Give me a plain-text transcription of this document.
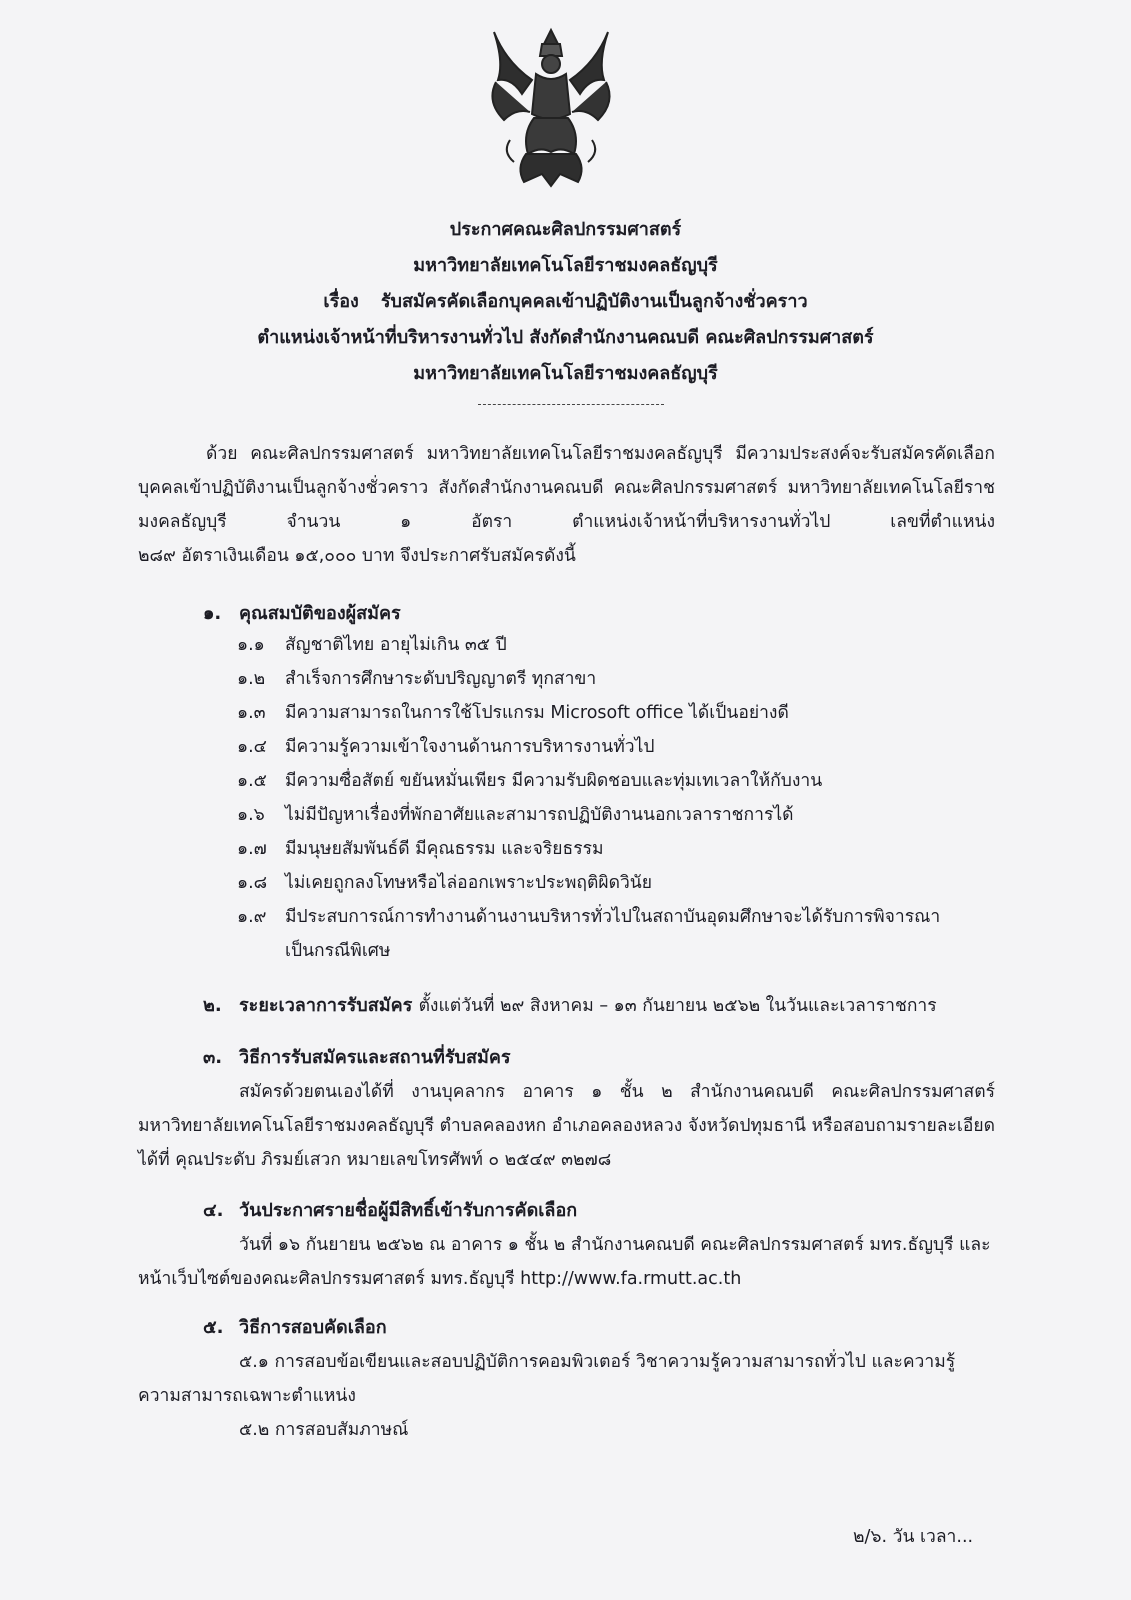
ประกาศคณะศิลปกรรมศาสตร์
มหาวิทยาลัยเทคโนโลยีราชมงคลธัญบุรี
เรื่อง รับสมัครคัดเลือกบุคคลเข้าปฏิบัติงานเป็นลูกจ้างชั่วคราว
ตำแหน่งเจ้าหน้าที่บริหารงานทั่วไป สังกัดสำนักงานคณบดี คณะศิลปกรรมศาสตร์
มหาวิทยาลัยเทคโนโลยีราชมงคลธัญบุรี
ด้วย คณะศิลปกรรมศาสตร์ มหาวิทยาลัยเทคโนโลยีราชมงคลธัญบุรี มีความประสงค์จะรับสมัครคัดเลือกบุคคลเข้าปฏิบัติงานเป็นลูกจ้างชั่วคราว สังกัดสำนักงานคณบดี คณะศิลปกรรมศาสตร์ มหาวิทยาลัยเทคโนโลยีราชมงคลธัญบุรี จำนวน ๑ อัตรา ตำแหน่งเจ้าหน้าที่บริหารงานทั่วไป เลขที่ตำแหน่ง ๒๘๙ อัตราเงินเดือน ๑๕,๐๐๐ บาท จึงประกาศรับสมัครดังนี้
๑. คุณสมบัติของผู้สมัคร
๑.๑ สัญชาติไทย อายุไม่เกิน ๓๕ ปี
๑.๒ สำเร็จการศึกษาระดับปริญญาตรี ทุกสาขา
๑.๓ มีความสามารถในการใช้โปรแกรม Microsoft office ได้เป็นอย่างดี
๑.๔ มีความรู้ความเข้าใจงานด้านการบริหารงานทั่วไป
๑.๕ มีความซื่อสัตย์ ขยันหมั่นเพียร มีความรับผิดชอบและทุ่มเทเวลาให้กับงาน
๑.๖ ไม่มีปัญหาเรื่องที่พักอาศัยและสามารถปฏิบัติงานนอกเวลาราชการได้
๑.๗ มีมนุษยสัมพันธ์ดี มีคุณธรรม และจริยธรรม
๑.๘ ไม่เคยถูกลงโทษหรือไล่ออกเพราะประพฤติผิดวินัย
๑.๙ มีประสบการณ์การทำงานด้านงานบริหารทั่วไปในสถาบันอุดมศึกษาจะได้รับการพิจารณา
เป็นกรณีพิเศษ
๒. ระยะเวลาการรับสมัคร ตั้งแต่วันที่ ๒๙ สิงหาคม – ๑๓ กันยายน ๒๕๖๒ ในวันและเวลาราชการ
๓. วิธีการรับสมัครและสถานที่รับสมัคร
สมัครด้วยตนเองได้ที่ งานบุคลากร อาคาร ๑ ชั้น ๒ สำนักงานคณบดี คณะศิลปกรรมศาสตร์ มหาวิทยาลัยเทคโนโลยีราชมงคลธัญบุรี ตำบลคลองหก อำเภอคลองหลวง จังหวัดปทุมธานี หรือสอบถามรายละเอียดได้ที่ คุณประดับ ภิรมย์เสวก หมายเลขโทรศัพท์ ๐ ๒๕๔๙ ๓๒๗๘
๔. วันประกาศรายชื่อผู้มีสิทธิ์เข้ารับการคัดเลือก
วันที่ ๑๖ กันยายน ๒๕๖๒ ณ อาคาร ๑ ชั้น ๒ สำนักงานคณบดี คณะศิลปกรรมศาสตร์ มทร.ธัญบุรี และ หน้าเว็บไซต์ของคณะศิลปกรรมศาสตร์ มทร.ธัญบุรี http://www.fa.rmutt.ac.th
๕. วิธีการสอบคัดเลือก
๕.๑ การสอบข้อเขียนและสอบปฏิบัติการคอมพิวเตอร์ วิชาความรู้ความสามารถทั่วไป และความรู้ความสามารถเฉพาะตำแหน่ง
๕.๒ การสอบสัมภาษณ์
๒/๖. วัน เวลา...
